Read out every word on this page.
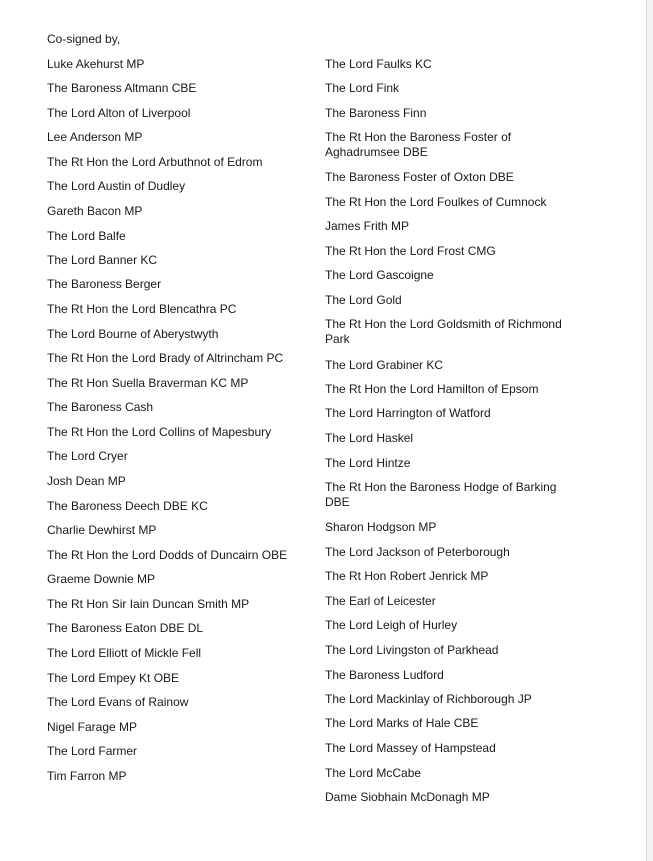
Co-signed by,
Luke Akehurst MP
The Baroness Altmann CBE
The Lord Alton of Liverpool
Lee Anderson MP
The Rt Hon the Lord Arbuthnot of Edrom
The Lord Austin of Dudley
Gareth Bacon MP
The Lord Balfe
The Lord Banner KC
The Baroness Berger
The Rt Hon the Lord Blencathra PC
The Lord Bourne of Aberystwyth
The Rt Hon the Lord Brady of Altrincham PC
The Rt Hon Suella Braverman KC MP
The Baroness Cash
The Rt Hon the Lord Collins of Mapesbury
The Lord Cryer
Josh Dean MP
The Baroness Deech DBE KC
Charlie Dewhirst MP
The Rt Hon the Lord Dodds of Duncairn OBE
Graeme Downie MP
The Rt Hon Sir Iain Duncan Smith MP
The Baroness Eaton DBE DL
The Lord Elliott of Mickle Fell
The Lord Empey Kt OBE
The Lord Evans of Rainow
Nigel Farage MP
The Lord Farmer
Tim Farron MP
The Lord Faulks KC
The Lord Fink
The Baroness Finn
The Rt Hon the Baroness Foster of Aghadrumsee DBE
The Baroness Foster of Oxton DBE
The Rt Hon the Lord Foulkes of Cumnock
James Frith MP
The Rt Hon the Lord Frost CMG
The Lord Gascoigne
The Lord Gold
The Rt Hon the Lord Goldsmith of Richmond Park
The Lord Grabiner KC
The Rt Hon the Lord Hamilton of Epsom
The Lord Harrington of Watford
The Lord Haskel
The Lord Hintze
The Rt Hon the Baroness Hodge of Barking DBE
Sharon Hodgson MP
The Lord Jackson of Peterborough
The Rt Hon Robert Jenrick MP
The Earl of Leicester
The Lord Leigh of Hurley
The Lord Livingston of Parkhead
The Baroness Ludford
The Lord Mackinlay of Richborough JP
The Lord Marks of Hale CBE
The Lord Massey of Hampstead
The Lord McCabe
Dame Siobhain McDonagh MP
